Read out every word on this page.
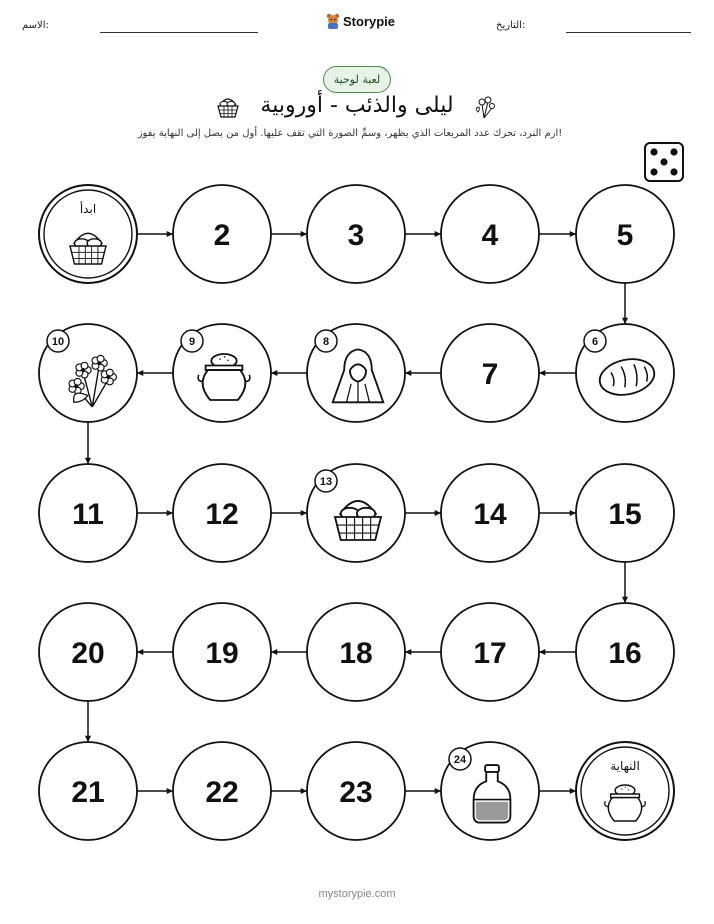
الاسم:	Storypie	التاريخ:
لعبة لوحية
ليلى والذئب - أوروبية
ارم النرد، تحرك عدد المربعات الذي يظهر، وسمِّ الصورة التي تقف عليها. أول من يصل إلى النهاية يفوز!
ابدأ
2	3	4	5
6
7
8
9
10
11	12
13
14	15
16
17
18
19
20
21	22	23
24	النهاية
mystorypie.com
